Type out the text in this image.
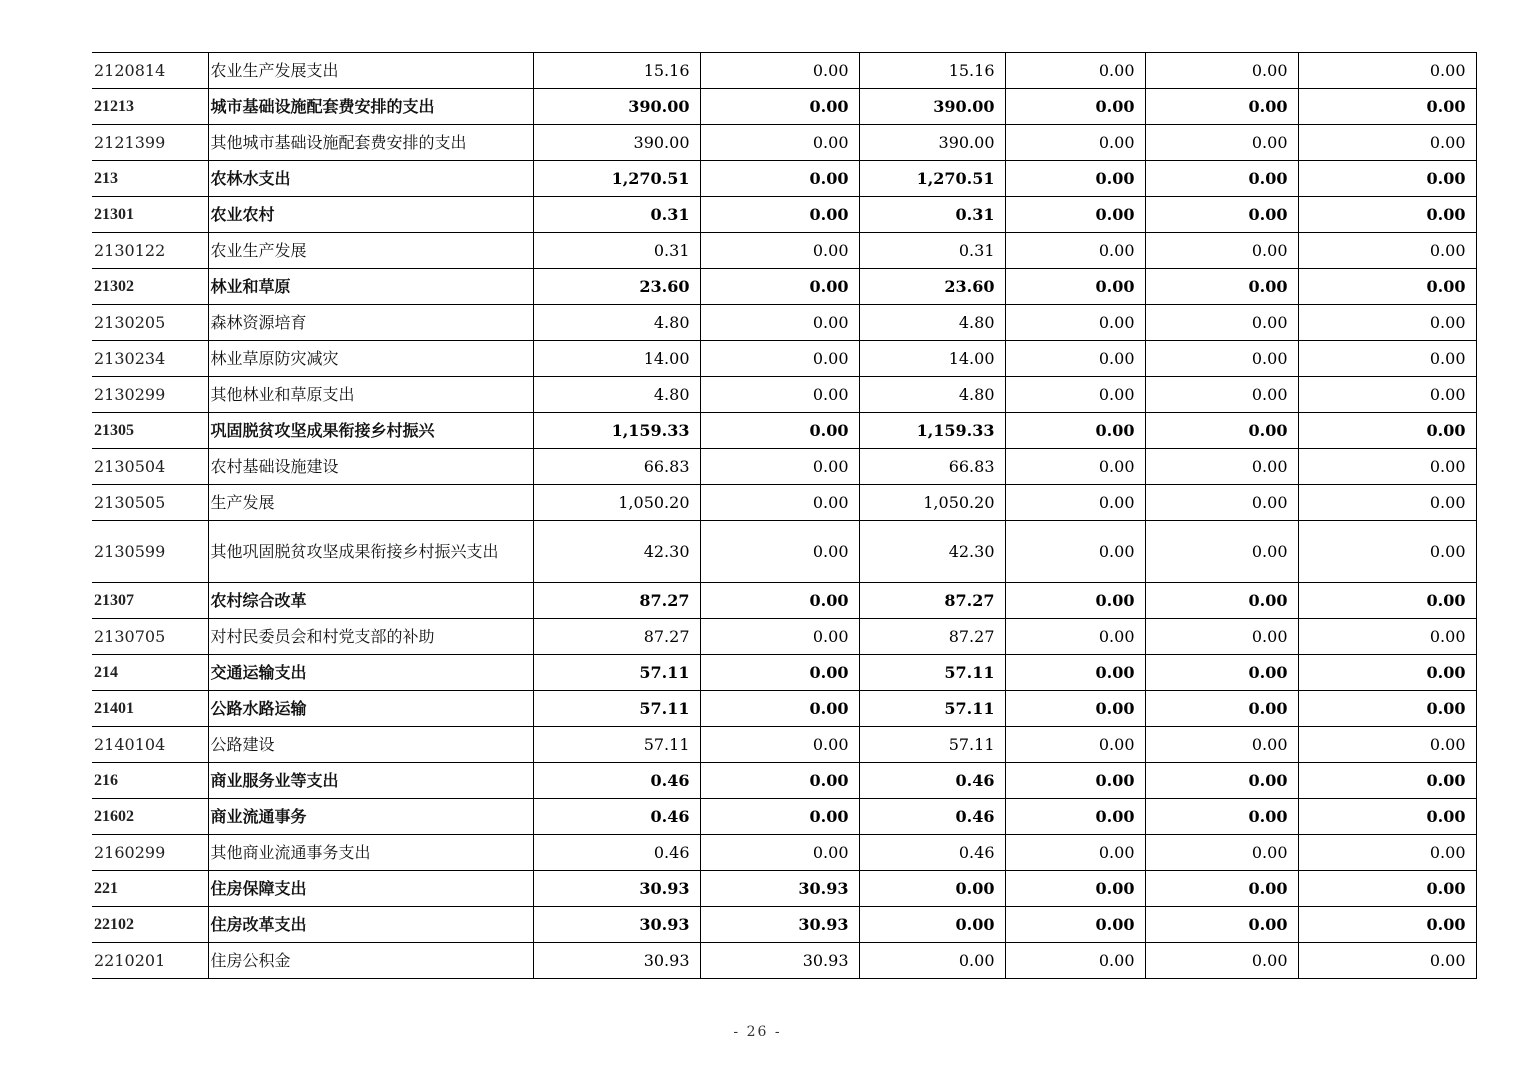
2120814	农业生产发展支出	15.16	0.00	15.16	0.00	0.00	0.00
21213	城市基础设施配套费安排的支出	390.00	0.00	390.00	0.00	0.00	0.00
2121399	其他城市基础设施配套费安排的支出	390.00	0.00	390.00	0.00	0.00	0.00
213	农林水支出	1,270.51	0.00	1,270.51	0.00	0.00	0.00
21301	农业农村	0.31	0.00	0.31	0.00	0.00	0.00
2130122	农业生产发展	0.31	0.00	0.31	0.00	0.00	0.00
21302	林业和草原	23.60	0.00	23.60	0.00	0.00	0.00
2130205	森林资源培育	4.80	0.00	4.80	0.00	0.00	0.00
2130234	林业草原防灾减灾	14.00	0.00	14.00	0.00	0.00	0.00
2130299	其他林业和草原支出	4.80	0.00	4.80	0.00	0.00	0.00
21305	巩固脱贫攻坚成果衔接乡村振兴	1,159.33	0.00	1,159.33	0.00	0.00	0.00
2130504	农村基础设施建设	66.83	0.00	66.83	0.00	0.00	0.00
2130505	生产发展	1,050.20	0.00	1,050.20	0.00	0.00	0.00
2130599	其他巩固脱贫攻坚成果衔接乡村振兴支出	42.30	0.00	42.30	0.00	0.00	0.00
21307	农村综合改革	87.27	0.00	87.27	0.00	0.00	0.00
2130705	对村民委员会和村党支部的补助	87.27	0.00	87.27	0.00	0.00	0.00
214	交通运输支出	57.11	0.00	57.11	0.00	0.00	0.00
21401	公路水路运输	57.11	0.00	57.11	0.00	0.00	0.00
2140104	公路建设	57.11	0.00	57.11	0.00	0.00	0.00
216	商业服务业等支出	0.46	0.00	0.46	0.00	0.00	0.00
21602	商业流通事务	0.46	0.00	0.46	0.00	0.00	0.00
2160299	其他商业流通事务支出	0.46	0.00	0.46	0.00	0.00	0.00
221	住房保障支出	30.93	30.93	0.00	0.00	0.00	0.00
22102	住房改革支出	30.93	30.93	0.00	0.00	0.00	0.00
2210201	住房公积金	30.93	30.93	0.00	0.00	0.00	0.00
- 26 -
